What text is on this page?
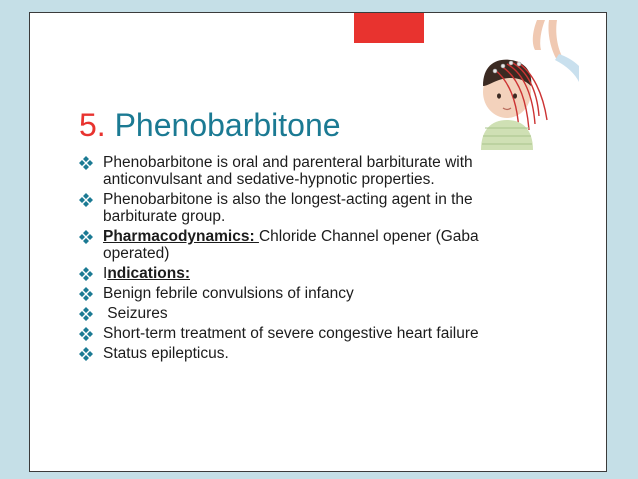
5. Phenobarbitone
Phenobarbitone is oral and parenteral barbiturate with anticonvulsant and sedative-hypnotic properties.
Phenobarbitone is also the longest-acting agent in the barbiturate group.
Pharmacodynamics: Chloride Channel opener (Gaba operated)
Indications:
Benign febrile convulsions of infancy
Seizures
Short-term treatment of severe congestive heart failure
Status epilepticus.
